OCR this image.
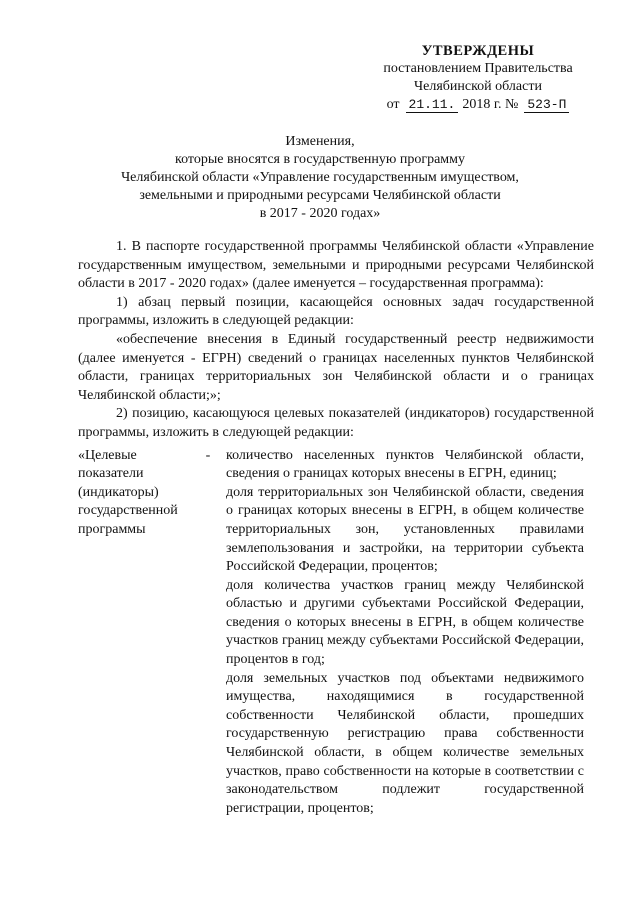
УТВЕРЖДЕНЫ
постановлением Правительства
Челябинской области
от 21.11. 2018 г. № 523-П
Изменения,
которые вносятся в государственную программу
Челябинской области «Управление государственным имуществом,
земельными и природными ресурсами Челябинской области
в 2017 - 2020 годах»

1. В паспорте государственной программы Челябинской области «Управление государственным имуществом, земельными и природными ресурсами Челябинской области в 2017 - 2020 годах» (далее именуется – государственная программа):

1) абзац первый позиции, касающейся основных задач государственной программы, изложить в следующей редакции:

«обеспечение внесения в Единый государственный реестр недвижимости (далее именуется - ЕГРН) сведений о границах населенных пунктов Челябинской области, границах территориальных зон Челябинской области и о границах Челябинской области;»;

2) позицию, касающуюся целевых показателей (индикаторов) государственной программы, изложить в следующей редакции:

«Целевые показатели (индикаторы) государственной программы
-	количество населенных пунктов Челябинской области, сведения о границах которых внесены в ЕГРН, единиц;
доля территориальных зон Челябинской области, сведения о границах которых внесены в ЕГРН, в общем количестве территориальных зон, установленных правилами землепользования и застройки, на территории субъекта Российской Федерации, процентов;
доля количества участков границ между Челябинской областью и другими субъектами Российской Федерации, сведения о которых внесены в ЕГРН, в общем количестве участков границ между субъектами Российской Федерации, процентов в год;
доля земельных участков под объектами недвижимого имущества, находящимися в государственной собственности Челябинской области, прошедших государственную регистрацию права собственности Челябинской области, в общем количестве земельных участков, право собственности на которые в соответствии с законодательством подлежит государственной регистрации, процентов;
